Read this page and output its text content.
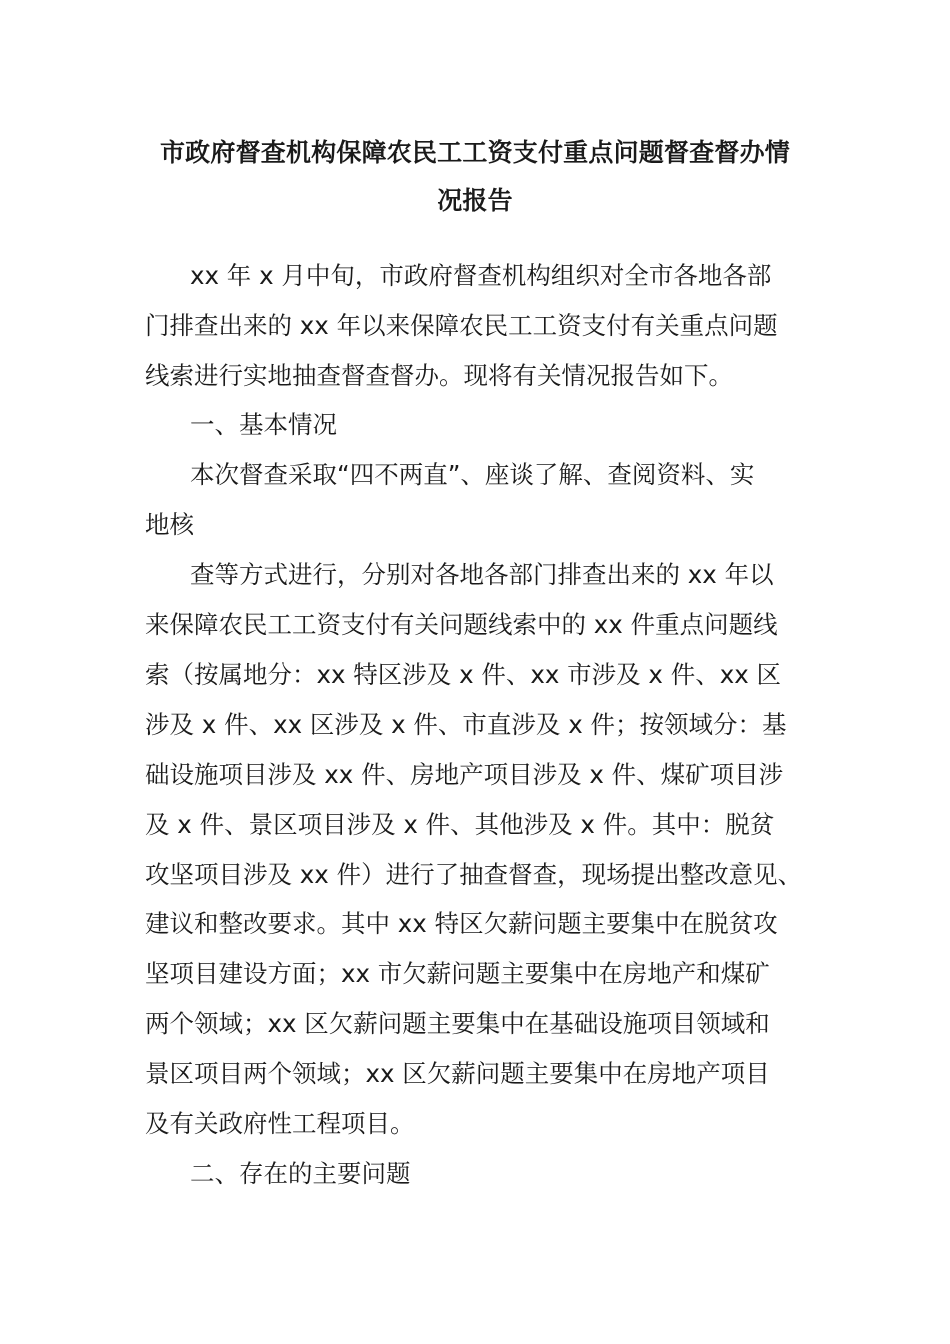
市政府督查机构保障农民工工资支付重点问题督查督办情
况报告

xx 年 x 月中旬，市政府督查机构组织对全市各地各部

门排查出来的 xx 年以来保障农民工工资支付有关重点问题

线索进行实地抽查督查督办。现将有关情况报告如下。

一、基本情况

本次督查采取“四不两直”、座谈了解、查阅资料、实

地核

查等方式进行，分别对各地各部门排查出来的 xx 年以

来保障农民工工资支付有关问题线索中的 xx 件重点问题线

索（按属地分：xx 特区涉及 x 件、xx 市涉及 x 件、xx 区

涉及 x 件、xx 区涉及 x 件、市直涉及 x 件；按领域分：基

础设施项目涉及 xx 件、房地产项目涉及 x 件、煤矿项目涉

及 x 件、景区项目涉及 x 件、其他涉及 x 件。其中：脱贫

攻坚项目涉及 xx 件）进行了抽查督查，现场提出整改意见、

建议和整改要求。其中 xx 特区欠薪问题主要集中在脱贫攻

坚项目建设方面；xx 市欠薪问题主要集中在房地产和煤矿

两个领域；xx 区欠薪问题主要集中在基础设施项目领域和

景区项目两个领域；xx 区欠薪问题主要集中在房地产项目

及有关政府性工程项目。

二、存在的主要问题
